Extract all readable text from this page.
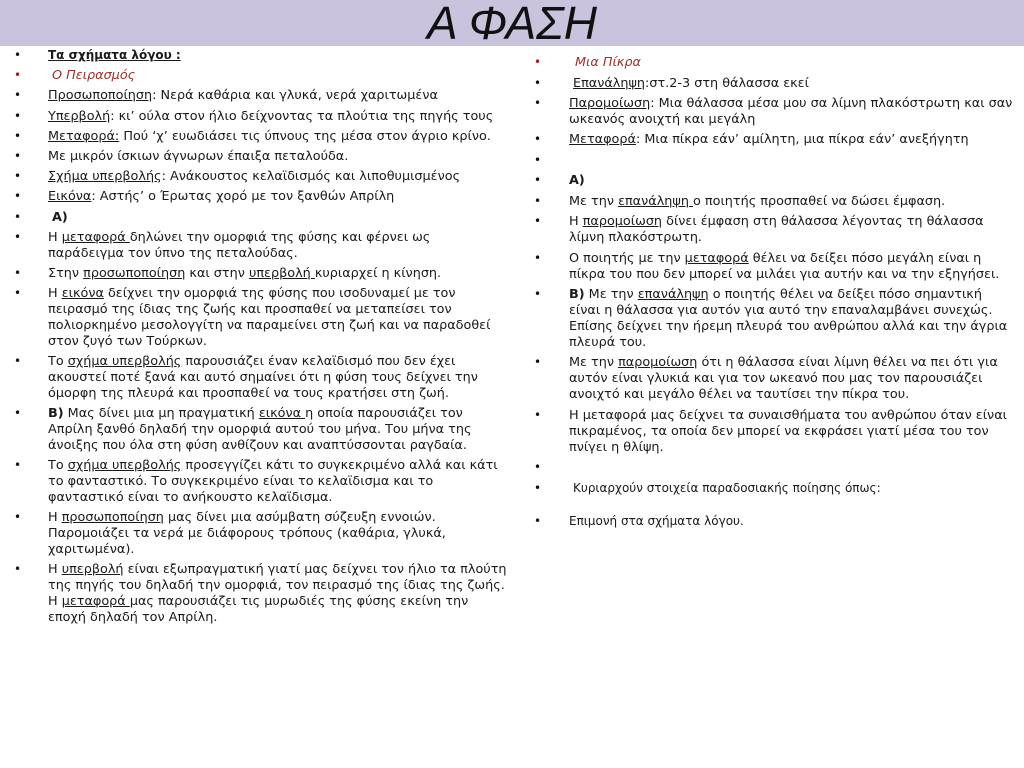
Α ΦΑΣΗ
• Τα σχήματα λόγου :
• Ο Πειρασμός
• Προσωποποίηση: Νερά καθάρια και γλυκά, νερά χαριτωμένα
• Υπερβολή: κι’ ούλα στον ήλιο δείχνοντας τα πλούτια της πηγής τους
• Μεταφορά: Πού ‘χ’ ευωδιάσει τις ύπνους της μέσα στον άγριο κρίνο.
• Με μικρόν ίσκιων άγνωρων έπαιξα πεταλούδα.
• Σχήμα υπερβολής: Ανάκουστος κελαϊδισμός και λιποθυμισμένος
• Εικόνα: Αστής’ ο Έρωτας χορό με τον ξανθών Απρίλη
• Α)
• Η μεταφορά δηλώνει την ομορφιά της φύσης και φέρνει ως παράδειγμα τον ύπνο της πεταλούδας.
• Στην προσωποποίηση και στην υπερβολή κυριαρχεί η κίνηση.
• Η εικόνα δείχνει την ομορφιά της φύσης που ισοδυναμεί με τον πειρασμό της ίδιας της ζωής και προσπαθεί να μεταπείσει τον πολιορκημένο μεσολογγίτη να παραμείνει στη ζωή και να παραδοθεί στον ζυγό των Τούρκων.
• Το σχήμα υπερβολής παρουσιάζει έναν κελαϊδισμό που δεν έχει ακουστεί ποτέ ξανά και αυτό σημαίνει ότι η φύση τους δείχνει την όμορφη της πλευρά και προσπαθεί να τους κρατήσει στη ζωή.
• Β) Μας δίνει μια μη πραγματική εικόνα η οποία παρουσιάζει τον Απρίλη ξανθό δηλαδή την ομορφιά αυτού του μήνα. Του μήνα της άνοιξης που όλα στη φύση ανθίζουν και αναπτύσσονται ραγδαία.
• Το σχήμα υπερβολής προσεγγίζει κάτι το συγκεκριμένο αλλά και κάτι το φανταστικό. Το συγκεκριμένο είναι το κελαϊδισμα και το φανταστικό είναι το ανήκουστο κελαϊδισμα.
• Η προσωποποίηση μας δίνει μια ασύμβατη σύζευξη εννοιών. Παρομοιάζει τα νερά με διάφορους τρόπους (καθάρια, γλυκά, χαριτωμένα).
• Η υπερβολή είναι εξωπραγματική γιατί μας δείχνει τον ήλιο τα πλούτη της πηγής του δηλαδή την ομορφιά, τον πειρασμό της ίδιας της ζωής.
Η μεταφορά μας παρουσιάζει τις μυρωδιές της φύσης εκείνη την εποχή δηλαδή τον Απρίλη.
• Μια Πίκρα
• Επανάληψη:στ.2-3 στη θάλασσα εκεί
• Παρομοίωση: Μια θάλασσα μέσα μου σα λίμνη πλακόστρωτη και σαν ωκεανός ανοιχτή και μεγάλη
• Μεταφορά: Μια πίκρα εάν’ αμίλητη, μια πίκρα εάν’ ανεξήγητη
•
• Α)
• Με την επανάληψη ο ποιητής προσπαθεί να δώσει έμφαση.
• Η παρομοίωση δίνει έμφαση στη θάλασσα λέγοντας τη θάλασσα λίμνη πλακόστρωτη.
• Ο ποιητής με την μεταφορά θέλει να δείξει πόσο μεγάλη είναι η πίκρα του που δεν μπορεί να μιλάει για αυτήν και να την εξηγήσει.
• Β) Με την επανάληψη ο ποιητής θέλει να δείξει πόσο σημαντική είναι η θάλασσα για αυτόν για αυτό την επαναλαμβάνει συνεχώς. Επίσης δείχνει την ήρεμη πλευρά του ανθρώπου αλλά και την άγρια πλευρά του.
• Με την παρομοίωση ότι η θάλασσα είναι λίμνη θέλει να πει ότι για αυτόν είναι γλυκιά και για τον ωκεανό που μας τον παρουσιάζει ανοιχτό και μεγάλο θέλει να ταυτίσει την πίκρα του.
• Η μεταφορά μας δείχνει τα συναισθήματα του ανθρώπου όταν είναι πικραμένος, τα οποία δεν μπορεί να εκφράσει γιατί μέσα του τον πνίγει η θλίψη.
•
• Κυριαρχούν στοιχεία παραδοσιακής ποίησης όπως:
• Επιμονή στα σχήματα λόγου.
